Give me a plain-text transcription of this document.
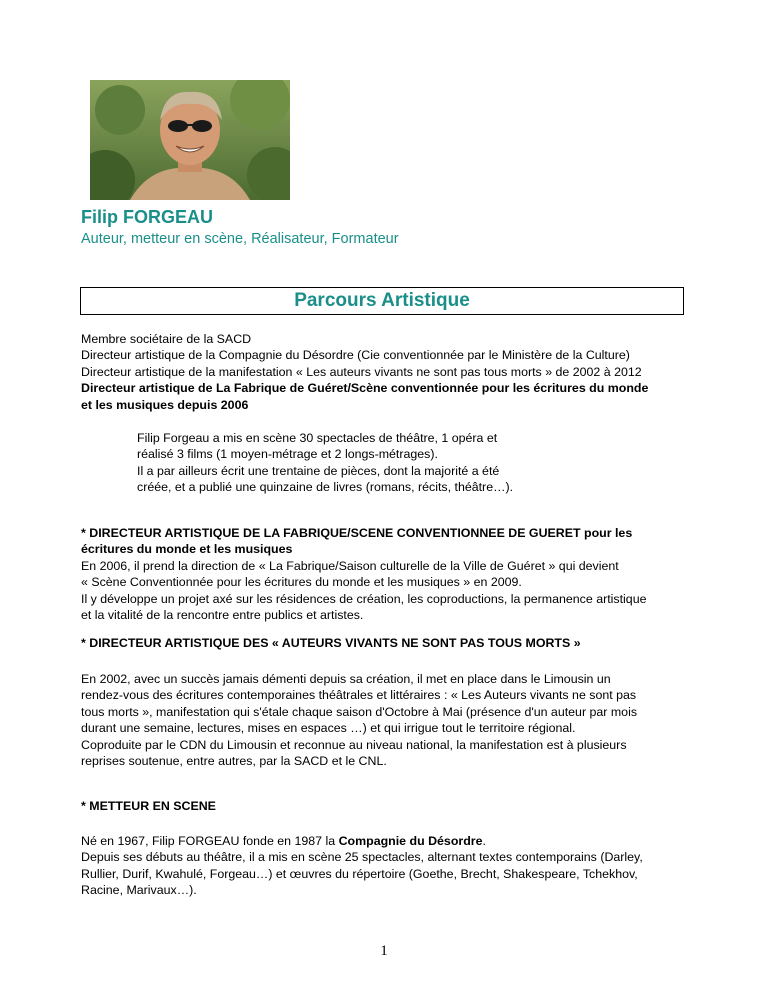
Filip FORGEAU
Auteur, metteur en scène, Réalisateur, Formateur
Parcours Artistique

Membre sociétaire de la SACD

Directeur artistique de la Compagnie du Désordre (Cie conventionnée par le Ministère de la Culture)

Directeur artistique de la manifestation « Les auteurs vivants ne sont pas tous morts » de 2002 à 2012

Directeur artistique de La Fabrique de Guéret/Scène conventionnée pour les écritures du monde

et les musiques depuis 2006

Filip Forgeau a mis en scène 30 spectacles de théâtre, 1 opéra et

réalisé 3 films (1 moyen-métrage et 2 longs-métrages).

Il a par ailleurs écrit une trentaine de pièces, dont la majorité a été

créée, et a publié une quinzaine de livres (romans, récits, théâtre…).

* DIRECTEUR ARTISTIQUE DE LA FABRIQUE/SCENE CONVENTIONNEE DE GUERET pour les

écritures du monde et les musiques

En 2006, il prend la direction de « La Fabrique/Saison culturelle de la Ville de Guéret » qui devient

« Scène Conventionnée pour les écritures du monde et les musiques » en 2009.

Il y développe un projet axé sur les résidences de création, les coproductions, la permanence artistique

et la vitalité de la rencontre entre publics et artistes.

* DIRECTEUR ARTISTIQUE DES « AUTEURS VIVANTS NE SONT PAS TOUS MORTS »

En 2002, avec un succès jamais démenti depuis sa création, il met en place dans le Limousin un

rendez-vous des écritures contemporaines théâtrales et littéraires : « Les Auteurs vivants ne sont pas

tous morts », manifestation qui s'étale chaque saison d'Octobre à Mai (présence d'un auteur par mois

durant une semaine, lectures, mises en espaces …) et qui irrigue tout le territoire régional.

Coproduite par le CDN du Limousin et reconnue au niveau national, la manifestation est à plusieurs

reprises soutenue, entre autres, par la SACD et le CNL.

* METTEUR EN SCENE

Né en 1967, Filip FORGEAU fonde en 1987 la Compagnie du Désordre.

Depuis ses débuts au théâtre, il a mis en scène 25 spectacles, alternant textes contemporains (Darley,

Rullier, Durif, Kwahulé, Forgeau…) et œuvres du répertoire (Goethe, Brecht, Shakespeare, Tchekhov,

Racine, Marivaux…).

1
